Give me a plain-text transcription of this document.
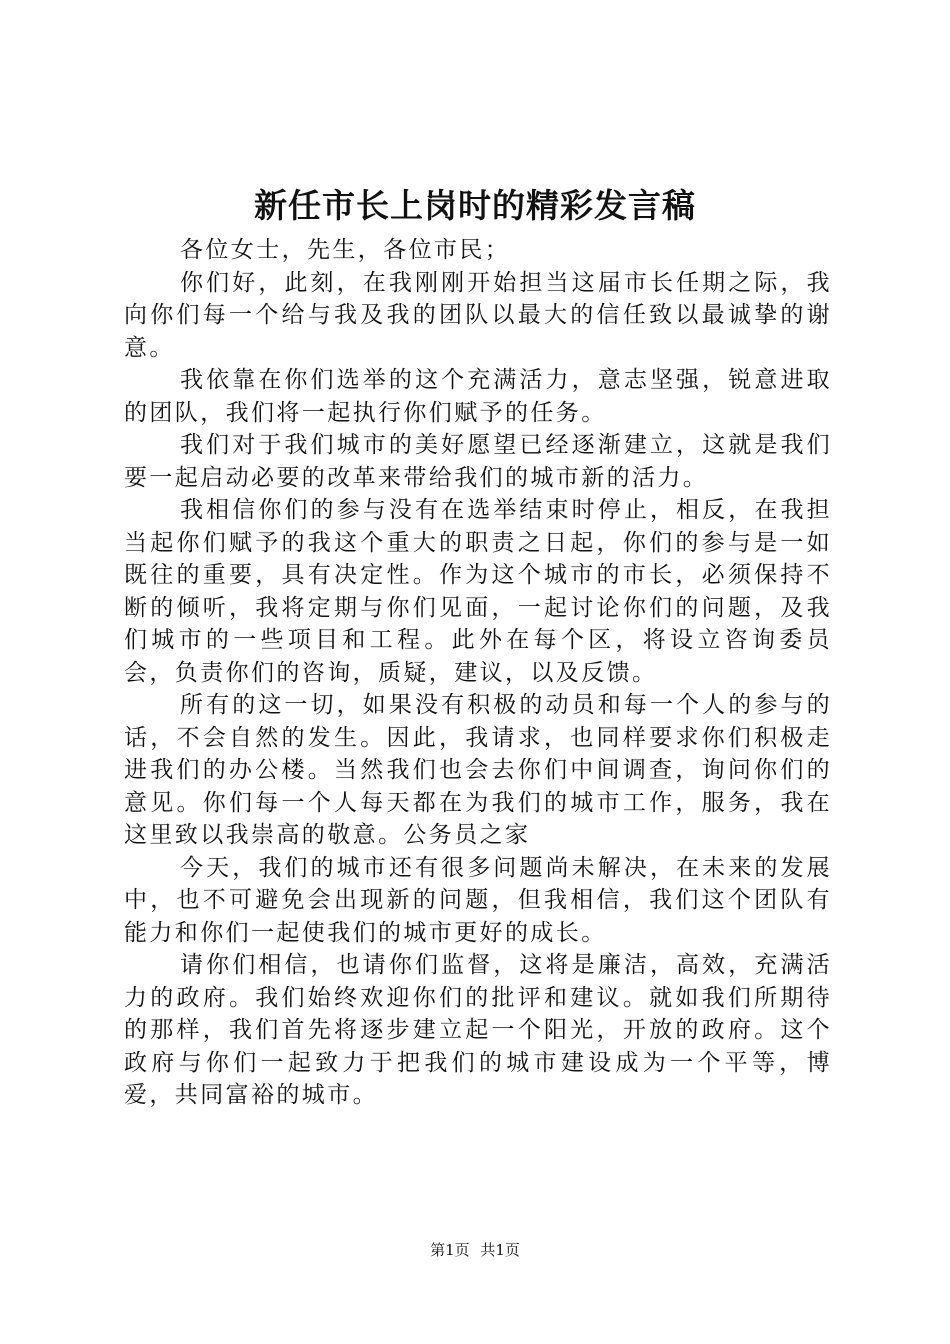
新任市长上岗时的精彩发言稿

各位女士，先生，各位市民；

你们好，此刻，在我刚刚开始担当这届市长任期之际，我向你们每一个给与我及我的团队以最大的信任致以最诚挚的谢意。

我依靠在你们选举的这个充满活力，意志坚强，锐意进取的团队，我们将一起执行你们赋予的任务。

我们对于我们城市的美好愿望已经逐渐建立，这就是我们要一起启动必要的改革来带给我们的城市新的活力。

我相信你们的参与没有在选举结束时停止，相反，在我担当起你们赋予的我这个重大的职责之日起，你们的参与是一如既往的重要，具有决定性。作为这个城市的市长，必须保持不断的倾听，我将定期与你们见面，一起讨论你们的问题，及我们城市的一些项目和工程。此外在每个区，将设立咨询委员会，负责你们的咨询，质疑，建议，以及反馈。

所有的这一切，如果没有积极的动员和每一个人的参与的话，不会自然的发生。因此，我请求，也同样要求你们积极走进我们的办公楼。当然我们也会去你们中间调查，询问你们的意见。你们每一个人每天都在为我们的城市工作，服务，我在这里致以我崇高的敬意。公务员之家

今天，我们的城市还有很多问题尚未解决，在未来的发展中，也不可避免会出现新的问题，但我相信，我们这个团队有能力和你们一起使我们的城市更好的成长。

请你们相信，也请你们监督，这将是廉洁，高效，充满活力的政府。我们始终欢迎你们的批评和建议。就如我们所期待的那样，我们首先将逐步建立起一个阳光，开放的政府。这个政府与你们一起致力于把我们的城市建设成为一个平等，博爱，共同富裕的城市。

第1页 共1页
